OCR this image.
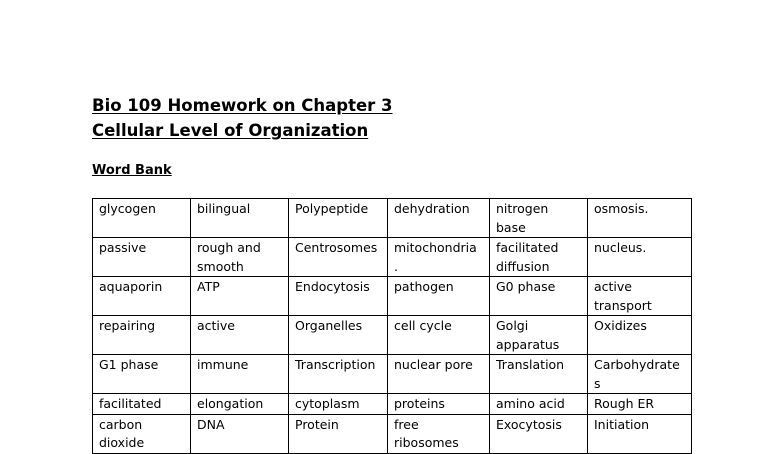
Bio 109 Homework on Chapter 3
Cellular Level of Organization
Word Bank
glycogen	bilingual	Polypeptide	dehydration	nitrogen base	osmosis.
passive	rough and smooth	Centrosomes	mitochondria .	facilitated diffusion	nucleus.
aquaporin	ATP	Endocytosis	pathogen	G0 phase	active transport
repairing	active	Organelles	cell cycle	Golgi apparatus	Oxidizes
G1 phase	immune	Transcription	nuclear pore	Translation	Carbohydrates
facilitated	elongation	cytoplasm	proteins	amino acid	Rough ER
carbon dioxide	DNA	Protein	free ribosomes	Exocytosis	Initiation
